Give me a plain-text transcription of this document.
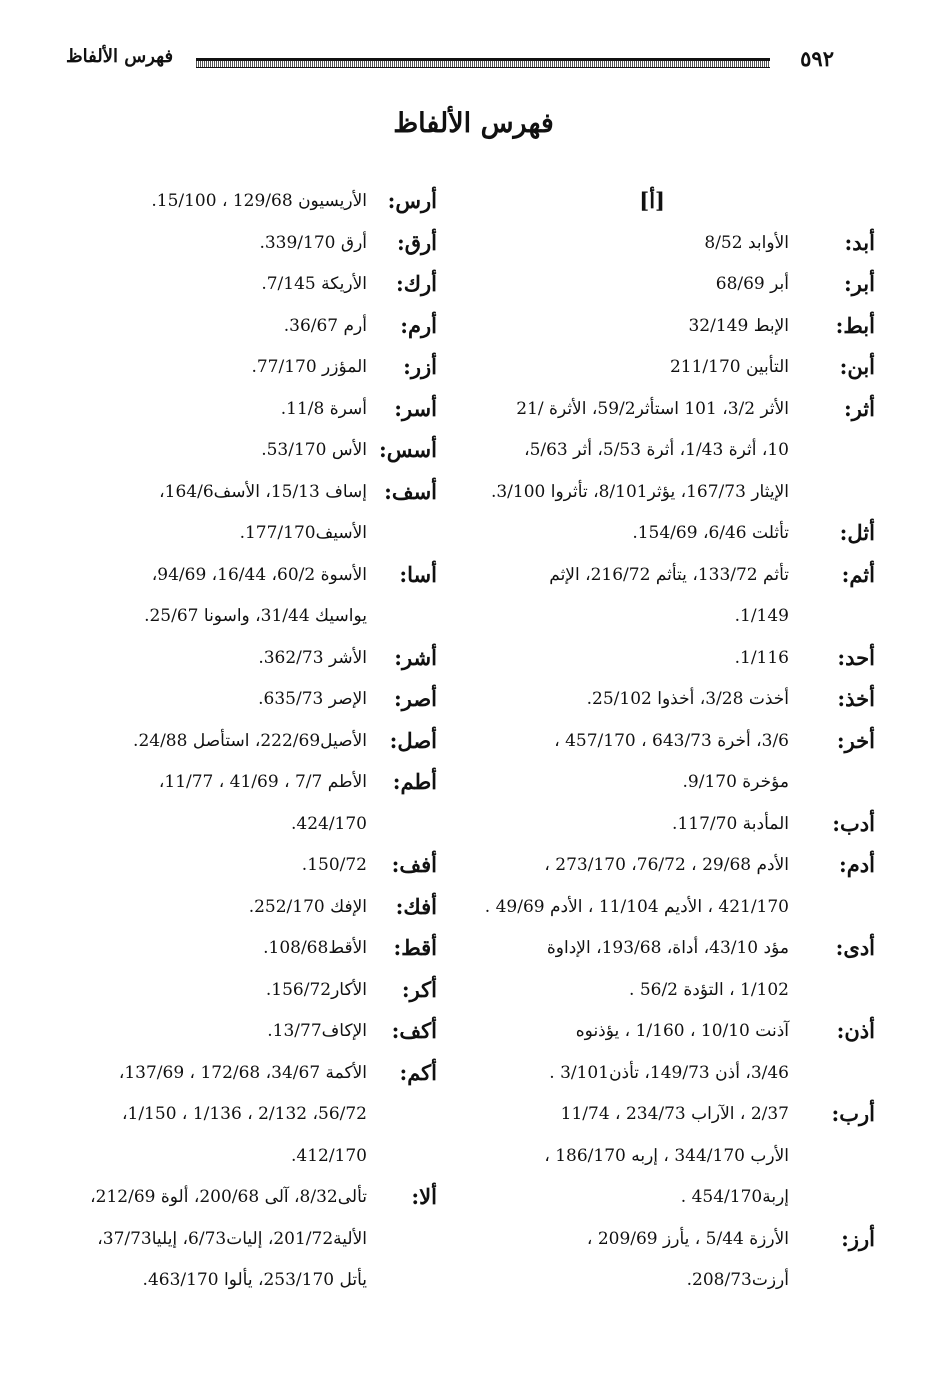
٥٩٢
فهرس الألفاظ
فهرس الألفاظ
[أ]
أبد:
الأوابد 8/52
أبر:
أبر 68/69
أبط:
الإبط 32/149
أبن:
التأبين 211/170
أثر:
الأثر 3/2، 101 استأثر59/2، الأثرة /21
10، أثرة 1/43، أثرة 5/53، أثر 5/63،
الإيثار 167/73، يؤثر8/101، تأثروا 3/100.
أثل:
تأثلت 6/46، 154/69.
أثم:
تأثم 133/72، يتأثم 216/72، الإثم
1/149.
أحد:
1/116.
أخذ:
أخذت 3/28، أخذوا 25/102.
أخر:
3/6، أخرة 643/73 ، 457/170 ،
مؤخرة 9/170.
أدب:
المأدبة 117/70.
أدم:
الأدم 29/68 ، 76/72، 273/170 ،
421/170 ، الأديم 11/104 ، الأدم 49/69 .
أدى:
مؤد 43/10، أداة، 193/68، الإداوة
1/102 ، التؤدة 56/2 .
أذن:
آذنت 10/10 ، 1/160 ، يؤذنوه
3/46، أذن 149/73، تأذن3/101 .
أرب:
2/37 ، الآراب 234/73 ، 11/74
الأرب 344/170 ، إربه 186/170 ،
إربة454/170 .
أرز:
الأرزة 5/44 ، يأرز 209/69 ،
أرزت208/73.
أرس:
الأريسيون 129/68 ، 15/100.
أرق:
أرق 339/170.
أرك:
الأريكة 7/145.
أرم:
أرم 36/67.
أزر:
المؤزر 77/170.
أسر:
أسرة 11/8.
أسس:
الأس 53/170.
أسف:
إساف 15/13، الأسف164/6،
الأسيف177/170.
أسا:
الأسوة 60/2، 16/44، 94/69،
يواسيك 31/44، واسونا 25/67.
أشر:
الأشر 362/73.
أصر:
الإصر 635/73.
أصل:
الأصيل222/69، استأصل 24/88.
أطم:
الأطم 7/7 ، 41/69 ، 11/77،
424/170.
أفف:
150/72.
أفك:
الإفك 252/170.
أقط:
الأقط108/68.
أكر:
الأكار156/72.
أكف:
الإكاف13/77.
أكم:
الأكمة 34/67، 172/68 ، 137/69،
56/72، 2/132 ، 1/136 ، 1/150،
412/170.
ألا:
تألى8/32، آلى 200/68، ألوة 212/69،
الألية201/72، إليات6/73، إيليا37/73،
يأتل 253/170، يألوا 463/170.
